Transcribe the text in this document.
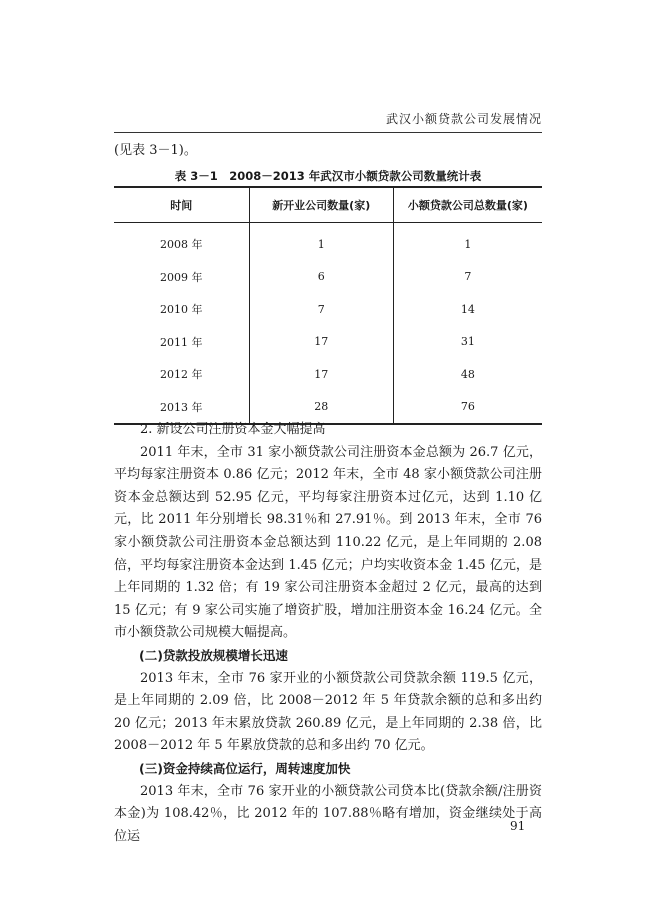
武汉小额贷款公司发展情况
(见表 3－1)。
表 3－1　2008－2013 年武汉市小额贷款公司数量统计表
时间	新开业公司数量(家)	小额贷款公司总数量(家)
2008 年	1	1
2009 年	6	7
2010 年	7	14
2011 年	17	31
2012 年	17	48
2013 年	28	76

2. 新设公司注册资本金大幅提高

2011 年末，全市 31 家小额贷款公司注册资本金总额为 26.7 亿元，平均每家注册资本 0.86 亿元；2012 年末，全市 48 家小额贷款公司注册资本金总额达到 52.95 亿元，平均每家注册资本过亿元，达到 1.10 亿元，比 2011 年分别增长 98.31％和 27.91％。到 2013 年末，全市 76 家小额贷款公司注册资本金总额达到 110.22 亿元，是上年同期的 2.08 倍，平均每家注册资本金达到 1.45 亿元；户均实收资本金 1.45 亿元，是上年同期的 1.32 倍；有 19 家公司注册资本金超过 2 亿元，最高的达到 15 亿元；有 9 家公司实施了增资扩股，增加注册资本金 16.24 亿元。全市小额贷款公司规模大幅提高。

(二)贷款投放规模增长迅速

2013 年末，全市 76 家开业的小额贷款公司贷款余额 119.5 亿元，是上年同期的 2.09 倍，比 2008－2012 年 5 年贷款余额的总和多出约 20 亿元；2013 年末累放贷款 260.89 亿元，是上年同期的 2.38 倍，比 2008－2012 年 5 年累放贷款的总和多出约 70 亿元。

(三)资金持续高位运行，周转速度加快

2013 年末，全市 76 家开业的小额贷款公司贷本比(贷款余额/注册资本金)为 108.42％，比 2012 年的 107.88％略有增加，资金继续处于高位运

91
